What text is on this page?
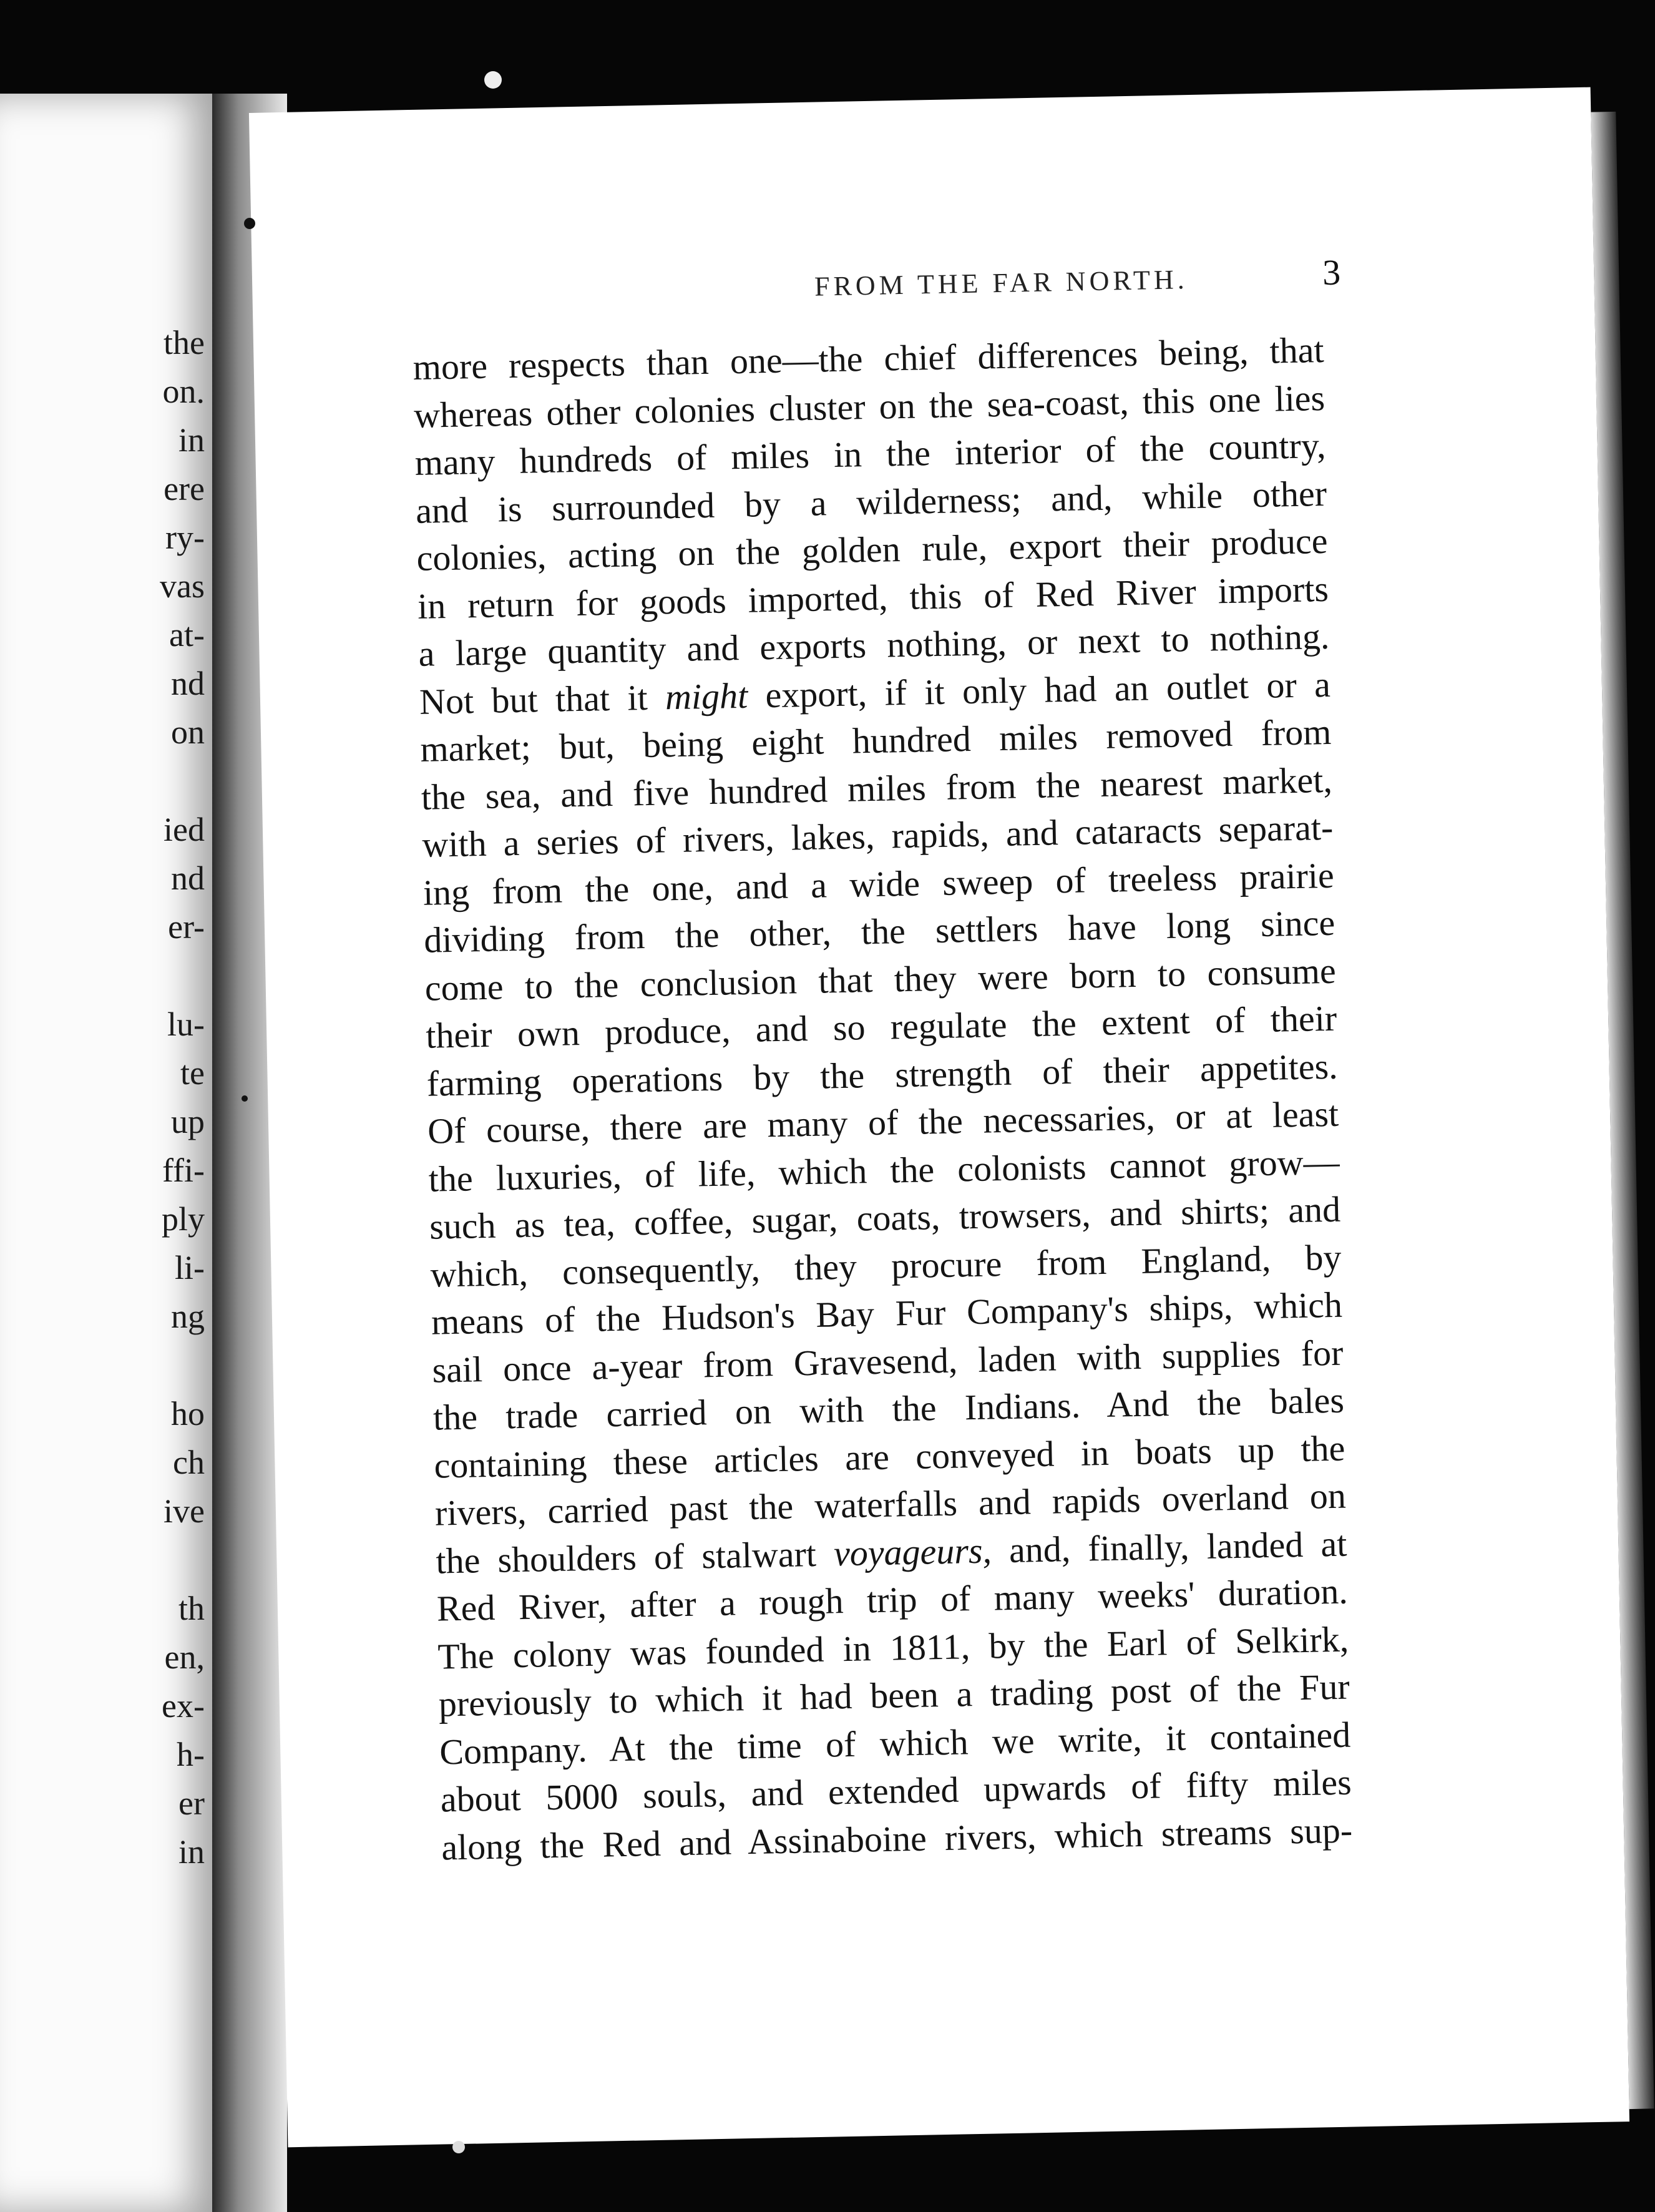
the
on.
in
ere
ry-
vas
at-
nd
on
ied
nd
er-
lu-
te
up
ffi-
ply
li-
ng
ho
ch
ive
th
en,
ex-
h-
er
in
FROM THE FAR NORTH.	3
more respects than one—the chief differences being, that
whereas other colonies cluster on the sea-coast, this one lies
many hundreds of miles in the interior of the country,
and is surrounded by a wilderness; and, while other
colonies, acting on the golden rule, export their produce
in return for goods imported, this of Red River imports
a large quantity and exports nothing, or next to nothing.
Not but that it might export, if it only had an outlet or a
market; but, being eight hundred miles removed from
the sea, and five hundred miles from the nearest market,
with a series of rivers, lakes, rapids, and cataracts separat-
ing from the one, and a wide sweep of treeless prairie
dividing from the other, the settlers have long since
come to the conclusion that they were born to consume
their own produce, and so regulate the extent of their
farming operations by the strength of their appetites.
Of course, there are many of the necessaries, or at least
the luxuries, of life, which the colonists cannot grow—
such as tea, coffee, sugar, coats, trowsers, and shirts; and
which, consequently, they procure from England, by
means of the Hudson's Bay Fur Company's ships, which
sail once a-year from Gravesend, laden with supplies for
the trade carried on with the Indians. And the bales
containing these articles are conveyed in boats up the
rivers, carried past the waterfalls and rapids overland on
the shoulders of stalwart voyageurs, and, finally, landed at
Red River, after a rough trip of many weeks' duration.
The colony was founded in 1811, by the Earl of Selkirk,
previously to which it had been a trading post of the Fur
Company. At the time of which we write, it contained
about 5000 souls, and extended upwards of fifty miles
along the Red and Assinaboine rivers, which streams sup-
